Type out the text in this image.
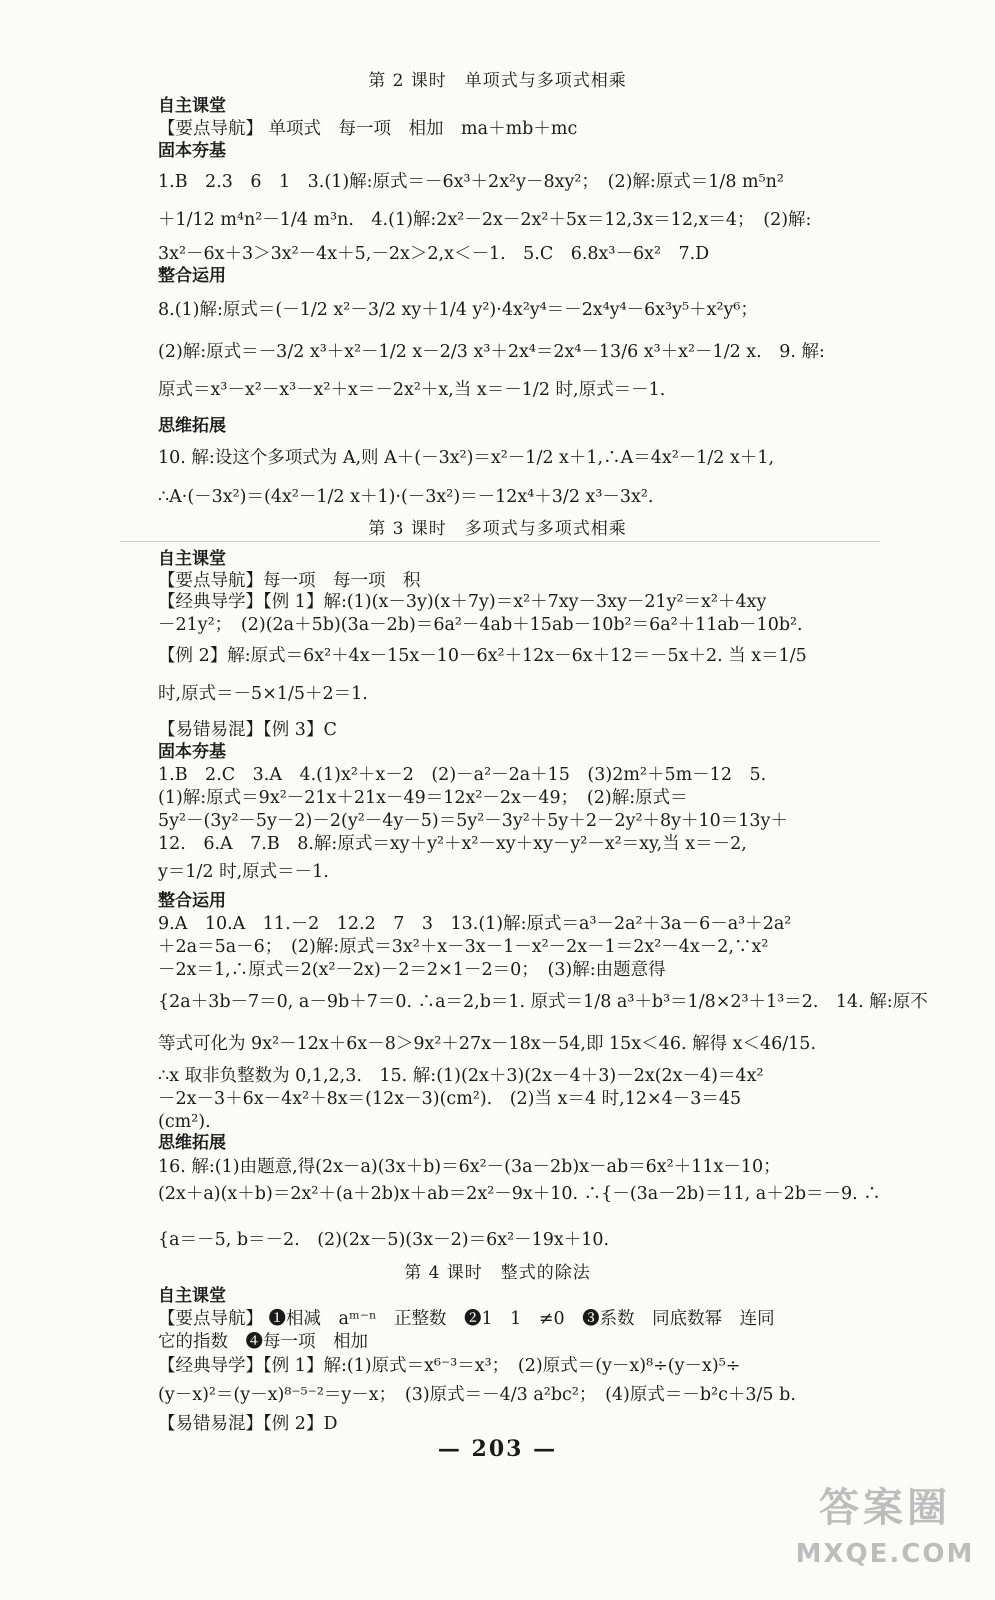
第 2 课时　单项式与多项式相乘
自主课堂
【要点导航】 单项式　每一项　相加　ma＋mb＋mc
固本夯基
1.B　2.3　6　1　3.(1)解:原式＝－6x³＋2x²y－8xy²；　(2)解:原式＝1/8 m⁵n²
＋1/12 m⁴n²－1/4 m³n.　4.(1)解:2x²－2x－2x²＋5x＝12,3x＝12,x＝4；　(2)解:
3x²－6x＋3＞3x²－4x＋5,－2x＞2,x＜－1.　5.C　6.8x³－6x²　7.D
整合运用
8.(1)解:原式＝(－1/2 x²－3/2 xy＋1/4 y²)·4x²y⁴＝－2x⁴y⁴－6x³y⁵＋x²y⁶；
(2)解:原式＝－3/2 x³＋x²－1/2 x－2/3 x³＋2x⁴＝2x⁴－13/6 x³＋x²－1/2 x.　9. 解:
原式＝x³－x²－x³－x²＋x＝－2x²＋x,当 x＝－1/2 时,原式＝－1.
思维拓展
10. 解:设这个多项式为 A,则 A＋(－3x²)＝x²－1/2 x＋1,∴A＝4x²－1/2 x＋1,
∴A·(－3x²)＝(4x²－1/2 x＋1)·(－3x²)＝－12x⁴＋3/2 x³－3x².
第 3 课时　多项式与多项式相乘
自主课堂
【要点导航】每一项　每一项　积
【经典导学】【例 1】解:(1)(x－3y)(x＋7y)＝x²＋7xy－3xy－21y²＝x²＋4xy
－21y²；　(2)(2a＋5b)(3a－2b)＝6a²－4ab＋15ab－10b²＝6a²＋11ab－10b².
【例 2】解:原式＝6x²＋4x－15x－10－6x²＋12x－6x＋12＝－5x＋2. 当 x＝1/5
时,原式＝－5×1/5＋2＝1.
【易错易混】【例 3】C
固本夯基
1.B　2.C　3.A　4.(1)x²＋x－2　(2)－a²－2a＋15　(3)2m²＋5m－12　5.
(1)解:原式＝9x²－21x＋21x－49＝12x²－2x－49；　(2)解:原式＝
5y²－(3y²－5y－2)－2(y²－4y－5)＝5y²－3y²＋5y＋2－2y²＋8y＋10＝13y＋
12.　6.A　7.B　8.解:原式＝xy＋y²＋x²－xy＋xy－y²－x²＝xy,当 x＝－2,
y＝1/2 时,原式＝－1.
整合运用
9.A　10.A　11.－2　12.2　7　3　13.(1)解:原式＝a³－2a²＋3a－6－a³＋2a²
＋2a＝5a－6；　(2)解:原式＝3x²＋x－3x－1－x²－2x－1＝2x²－4x－2,∵x²
－2x＝1,∴原式＝2(x²－2x)－2＝2×1－2＝0；　(3)解:由题意得
{2a＋3b－7＝0, a－9b＋7＝0. ∴a＝2,b＝1. 原式＝1/8 a³＋b³＝1/8×2³＋1³＝2.　14. 解:原不
等式可化为 9x²－12x＋6x－8＞9x²＋27x－18x－54,即 15x＜46. 解得 x＜46/15.
∴x 取非负整数为 0,1,2,3.　15. 解:(1)(2x＋3)(2x－4＋3)－2x(2x－4)＝4x²
－2x－3＋6x－4x²＋8x＝(12x－3)(cm²).　(2)当 x＝4 时,12×4－3＝45
(cm²).
思维拓展
16. 解:(1)由题意,得(2x－a)(3x＋b)＝6x²－(3a－2b)x－ab＝6x²＋11x－10；
(2x＋a)(x＋b)＝2x²＋(a＋2b)x＋ab＝2x²－9x＋10. ∴{－(3a－2b)＝11, a＋2b＝－9. ∴
{a＝－5, b＝－2.　(2)(2x－5)(3x－2)＝6x²－19x＋10.
第 4 课时　整式的除法
自主课堂
【要点导航】 ❶相减　aᵐ⁻ⁿ　正整数　❷1　1　≠0　❸系数　同底数幂　连同
它的指数　❹每一项　相加
【经典导学】【例 1】解:(1)原式＝x⁶⁻³＝x³；　(2)原式＝(y－x)⁸÷(y－x)⁵÷
(y－x)²＝(y－x)⁸⁻⁵⁻²＝y－x；　(3)原式＝－4/3 a²bc²；　(4)原式＝－b²c＋3/5 b.
【易错易混】【例 2】D
— 203 —
答案圈
MXQE.COM
